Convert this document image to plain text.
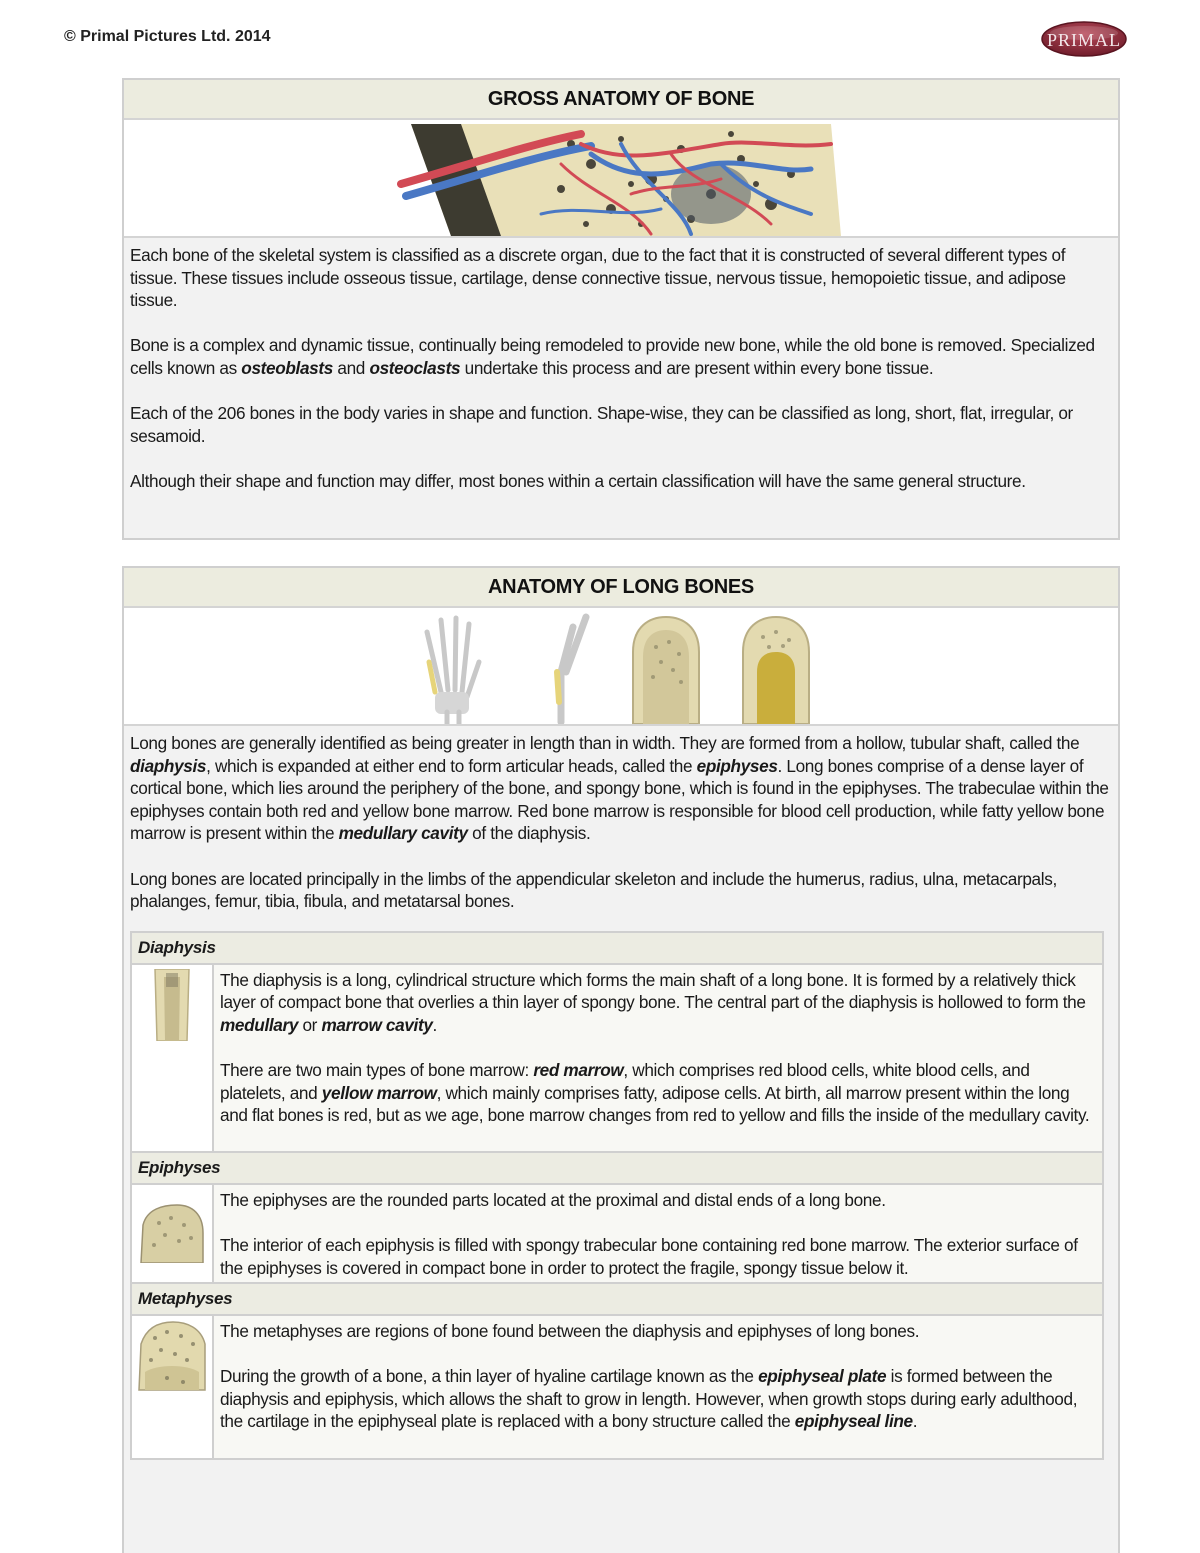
© Primal Pictures Ltd. 2014	PRIMAL
GROSS ANATOMY OF BONE

Each bone of the skeletal system is classified as a discrete organ, due to the fact that it is constructed of several different types of tissue. These tissues include osseous tissue, cartilage, dense connective tissue, nervous tissue, hemopoietic tissue, and adipose tissue.

Bone is a complex and dynamic tissue, continually being remodeled to provide new bone, while the old bone is removed. Specialized cells known as osteoblasts and osteoclasts undertake this process and are present within every bone tissue.

Each of the 206 bones in the body varies in shape and function. Shape-wise, they can be classified as long, short, flat, irregular, or sesamoid.

Although their shape and function may differ, most bones within a certain classification will have the same general structure.

ANATOMY OF LONG BONES

Long bones are generally identified as being greater in length than in width. They are formed from a hollow, tubular shaft, called the diaphysis, which is expanded at either end to form articular heads, called the epiphyses. Long bones comprise of a dense layer of cortical bone, which lies around the periphery of the bone, and spongy bone, which is found in the epiphyses. The trabeculae within the epiphyses contain both red and yellow bone marrow. Red bone marrow is responsible for blood cell production, while fatty yellow bone marrow is present within the medullary cavity of the diaphysis.

Long bones are located principally in the limbs of the appendicular skeleton and include the humerus, radius, ulna, metacarpals, phalanges, femur, tibia, fibula, and metatarsal bones.

Diaphysis

The diaphysis is a long, cylindrical structure which forms the main shaft of a long bone. It is formed by a relatively thick layer of compact bone that overlies a thin layer of spongy bone. The central part of the diaphysis is hollowed to form the medullary or marrow cavity.

There are two main types of bone marrow: red marrow, which comprises red blood cells, white blood cells, and platelets, and yellow marrow, which mainly comprises fatty, adipose cells. At birth, all marrow present within the long and flat bones is red, but as we age, bone marrow changes from red to yellow and fills the inside of the medullary cavity.

Epiphyses

The epiphyses are the rounded parts located at the proximal and distal ends of a long bone.

The interior of each epiphysis is filled with spongy trabecular bone containing red bone marrow. The exterior surface of the epiphyses is covered in compact bone in order to protect the fragile, spongy tissue below it.

Metaphyses

The metaphyses are regions of bone found between the diaphysis and epiphyses of long bones.

During the growth of a bone, a thin layer of hyaline cartilage known as the epiphyseal plate is formed between the diaphysis and epiphysis, which allows the shaft to grow in length. However, when growth stops during early adulthood, the cartilage in the epiphyseal plate is replaced with a bony structure called the epiphyseal line.
